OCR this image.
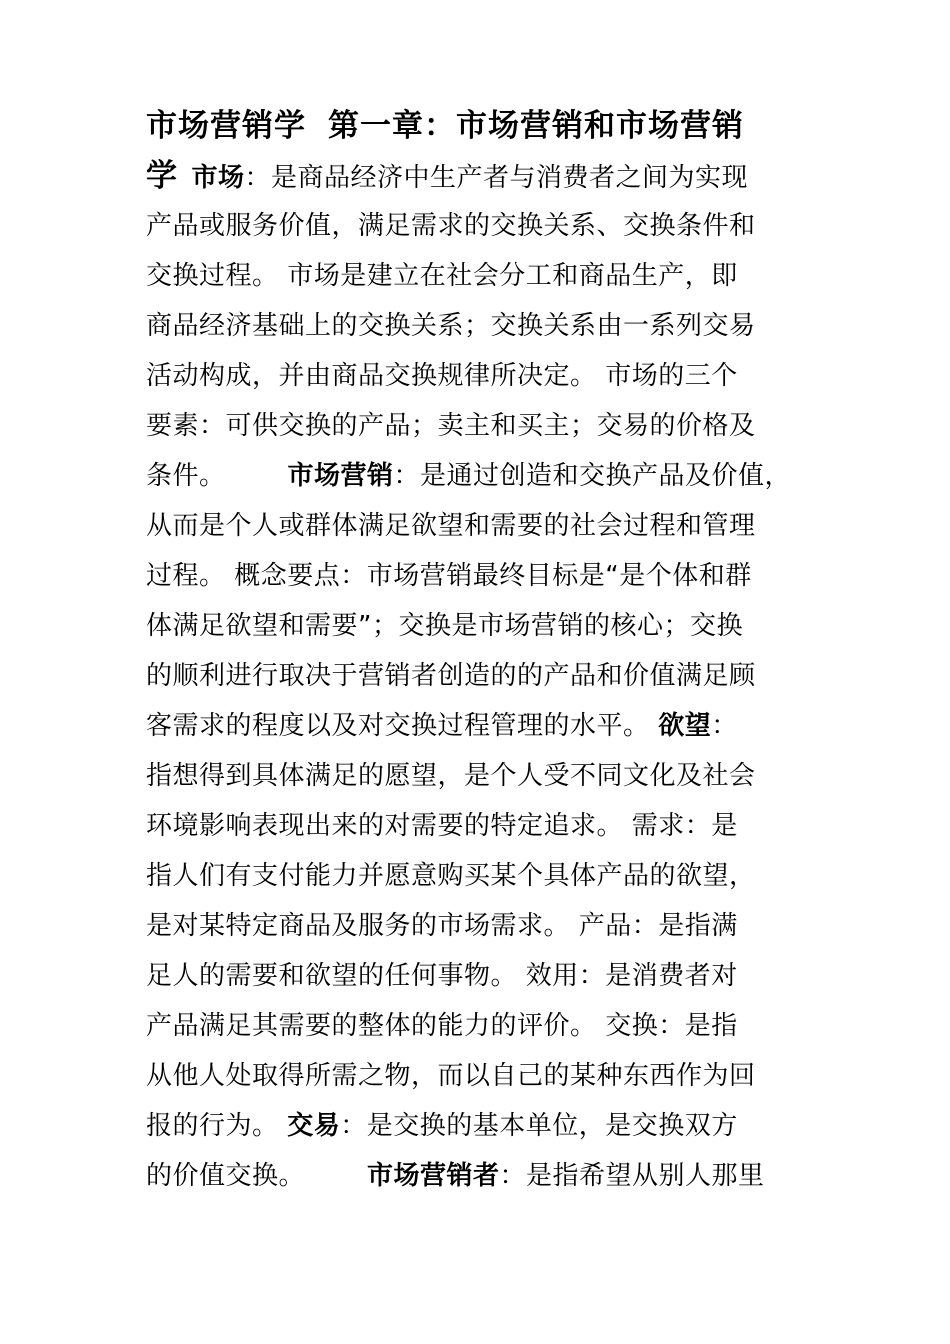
市场营销学 第一章：市场营销和市场营销
学 市场：是商品经济中生产者与消费者之间为实现
产品或服务价值，满足需求的交换关系、交换条件和
交换过程。 市场是建立在社会分工和商品生产，即
商品经济基础上的交换关系；交换关系由一系列交易
活动构成，并由商品交换规律所决定。 市场的三个
要素：可供交换的产品；卖主和买主；交易的价格及
条件。 市场营销：是通过创造和交换产品及价值，
从而是个人或群体满足欲望和需要的社会过程和管理
过程。 概念要点：市场营销最终目标是“是个体和群
体满足欲望和需要”；交换是市场营销的核心；交换
的顺利进行取决于营销者创造的的产品和价值满足顾
客需求的程度以及对交换过程管理的水平。 欲望：
指想得到具体满足的愿望，是个人受不同文化及社会
环境影响表现出来的对需要的特定追求。 需求：是
指人们有支付能力并愿意购买某个具体产品的欲望，
是对某特定商品及服务的市场需求。 产品：是指满
足人的需要和欲望的任何事物。 效用：是消费者对
产品满足其需要的整体的能力的评价。 交换：是指
从他人处取得所需之物，而以自己的某种东西作为回
报的行为。 交易：是交换的基本单位，是交换双方
的价值交换。 市场营销者：是指希望从别人那里
